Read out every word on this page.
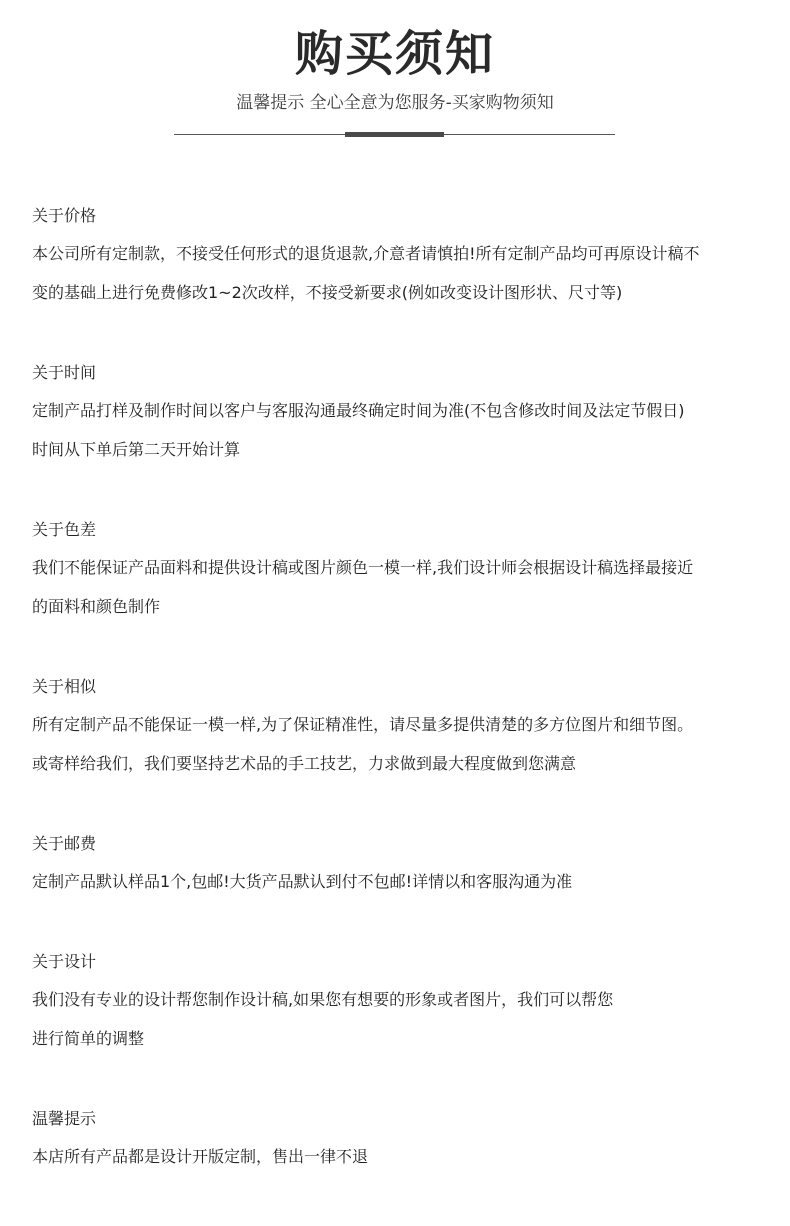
购买须知
温馨提示 全心全意为您服务-买家购物须知
关于价格
本公司所有定制款，不接受任何形式的退货退款,介意者请慎拍!所有定制产品均可再原设计稿不
变的基础上进行免费修改1~2次改样，不接受新要求(例如改变设计图形状、尺寸等)
关于时间
定制产品打样及制作时间以客户与客服沟通最终确定时间为准(不包含修改时间及法定节假日)
时间从下单后第二天开始计算
关于色差
我们不能保证产品面料和提供设计稿或图片颜色一模一样,我们设计师会根据设计稿选择最接近
的面料和颜色制作
关于相似
所有定制产品不能保证一模一样,为了保证精准性，请尽量多提供清楚的多方位图片和细节图。
或寄样给我们，我们要坚持艺术品的手工技艺，力求做到最大程度做到您满意
关于邮费
定制产品默认样品1个,包邮!大货产品默认到付不包邮!详情以和客服沟通为准
关于设计
我们没有专业的设计帮您制作设计稿,如果您有想要的形象或者图片，我们可以帮您
进行简单的调整
温馨提示
本店所有产品都是设计开版定制，售出一律不退
